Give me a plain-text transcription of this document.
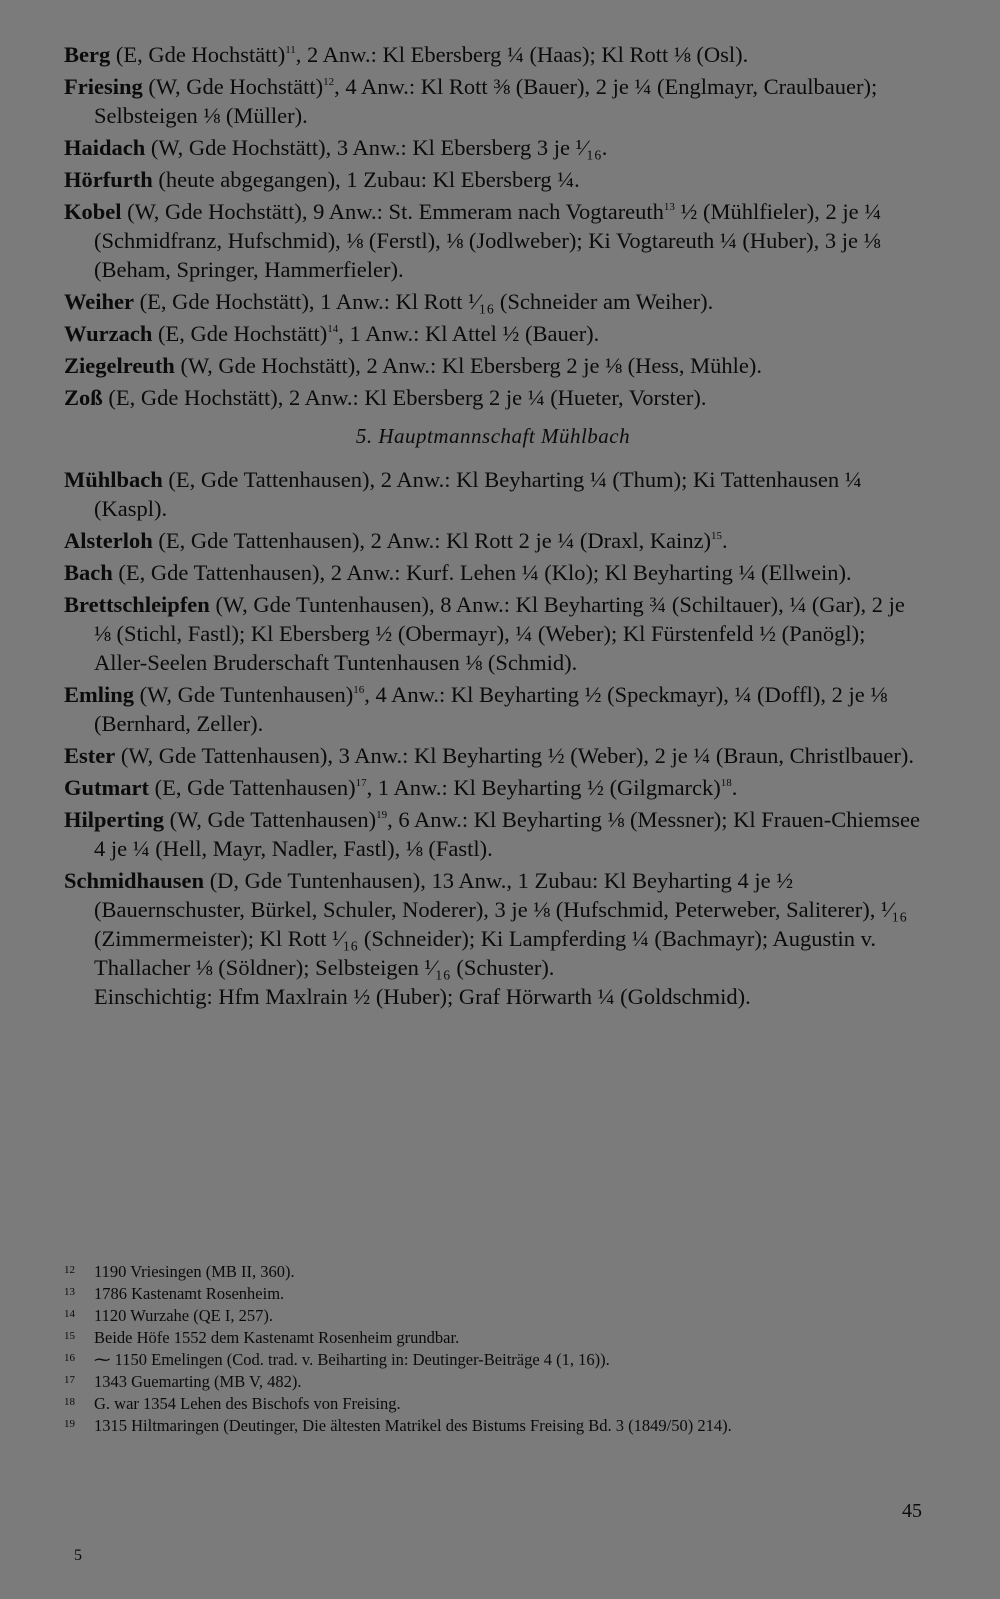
Berg (E, Gde Hochstätt)$^{11}$, 2 Anw.: Kl Ebersberg ¼ (Haas); Kl Rott ⅛ (Osl).
Friesing (W, Gde Hochstätt)$^{12}$, 4 Anw.: Kl Rott ⅜ (Bauer), 2 je ¼ (Englmayr, Craulbauer); Selbsteigen ⅛ (Müller).
Haidach (W, Gde Hochstätt), 3 Anw.: Kl Ebersberg 3 je ¹⁄₁₆.
Hörfurth (heute abgegangen), 1 Zubau: Kl Ebersberg ¼.
Kobel (W, Gde Hochstätt), 9 Anw.: St. Emmeram nach Vogtareuth$^{13}$ ½ (Mühlfieler), 2 je ¼ (Schmidfranz, Hufschmid), ⅛ (Ferstl), ⅛ (Jodlweber); Ki Vogtareuth ¼ (Huber), 3 je ⅛ (Beham, Springer, Hammerfieler).
Weiher (E, Gde Hochstätt), 1 Anw.: Kl Rott ¹⁄₁₆ (Schneider am Weiher).
Wurzach (E, Gde Hochstätt)$^{14}$, 1 Anw.: Kl Attel ½ (Bauer).
Ziegelreuth (W, Gde Hochstätt), 2 Anw.: Kl Ebersberg 2 je ⅛ (Hess, Mühle).
Zoß (E, Gde Hochstätt), 2 Anw.: Kl Ebersberg 2 je ¼ (Hueter, Vorster).
5. Hauptmannschaft Mühlbach
Mühlbach (E, Gde Tattenhausen), 2 Anw.: Kl Beyharting ¼ (Thum); Ki Tattenhausen ¼ (Kaspl).
Alsterloh (E, Gde Tattenhausen), 2 Anw.: Kl Rott 2 je ¼ (Draxl, Kainz)$^{15}$.
Bach (E, Gde Tattenhausen), 2 Anw.: Kurf. Lehen ¼ (Klo); Kl Beyharting ¼ (Ellwein).
Brettschleipfen (W, Gde Tuntenhausen), 8 Anw.: Kl Beyharting ¾ (Schiltauer), ¼ (Gar), 2 je ⅛ (Stichl, Fastl); Kl Ebersberg ½ (Obermayr), ¼ (Weber); Kl Fürstenfeld ½ (Panögl); Aller-Seelen Bruderschaft Tuntenhausen ⅛ (Schmid).
Emling (W, Gde Tuntenhausen)$^{16}$, 4 Anw.: Kl Beyharting ½ (Speckmayr), ¼ (Doffl), 2 je ⅛ (Bernhard, Zeller).
Ester (W, Gde Tattenhausen), 3 Anw.: Kl Beyharting ½ (Weber), 2 je ¼ (Braun, Christlbauer).
Gutmart (E, Gde Tattenhausen)$^{17}$, 1 Anw.: Kl Beyharting ½ (Gilgmarck)$^{18}$.
Hilperting (W, Gde Tattenhausen)$^{19}$, 6 Anw.: Kl Beyharting ⅛ (Messner); Kl Frauen-Chiemsee 4 je ¼ (Hell, Mayr, Nadler, Fastl), ⅛ (Fastl).
Schmidhausen (D, Gde Tuntenhausen), 13 Anw., 1 Zubau: Kl Beyharting 4 je ½ (Bauernschuster, Bürkel, Schuler, Noderer), 3 je ⅛ (Hufschmid, Peterweber, Saliterer), ¹⁄₁₆ (Zimmermeister); Kl Rott ¹⁄₁₆ (Schneider); Ki Lampferding ¼ (Bachmayr); Augustin v. Thallacher ⅛ (Söldner); Selbsteigen ¹⁄₁₆ (Schuster).
Einschichtig: Hfm Maxlrain ½ (Huber); Graf Hörwarth ¼ (Goldschmid).
12 1190 Vriesingen (MB II, 360).
13 1786 Kastenamt Rosenheim.
14 1120 Wurzahe (QE I, 257).
15 Beide Höfe 1552 dem Kastenamt Rosenheim grundbar.
16 ⁓ 1150 Emelingen (Cod. trad. v. Beiharting in: Deutinger-Beiträge 4 (1, 16)).
17 1343 Guemarting (MB V, 482).
18 G. war 1354 Lehen des Bischofs von Freising.
19 1315 Hiltmaringen (Deutinger, Die ältesten Matrikel des Bistums Freising Bd. 3 (1849/50) 214).
45
5
